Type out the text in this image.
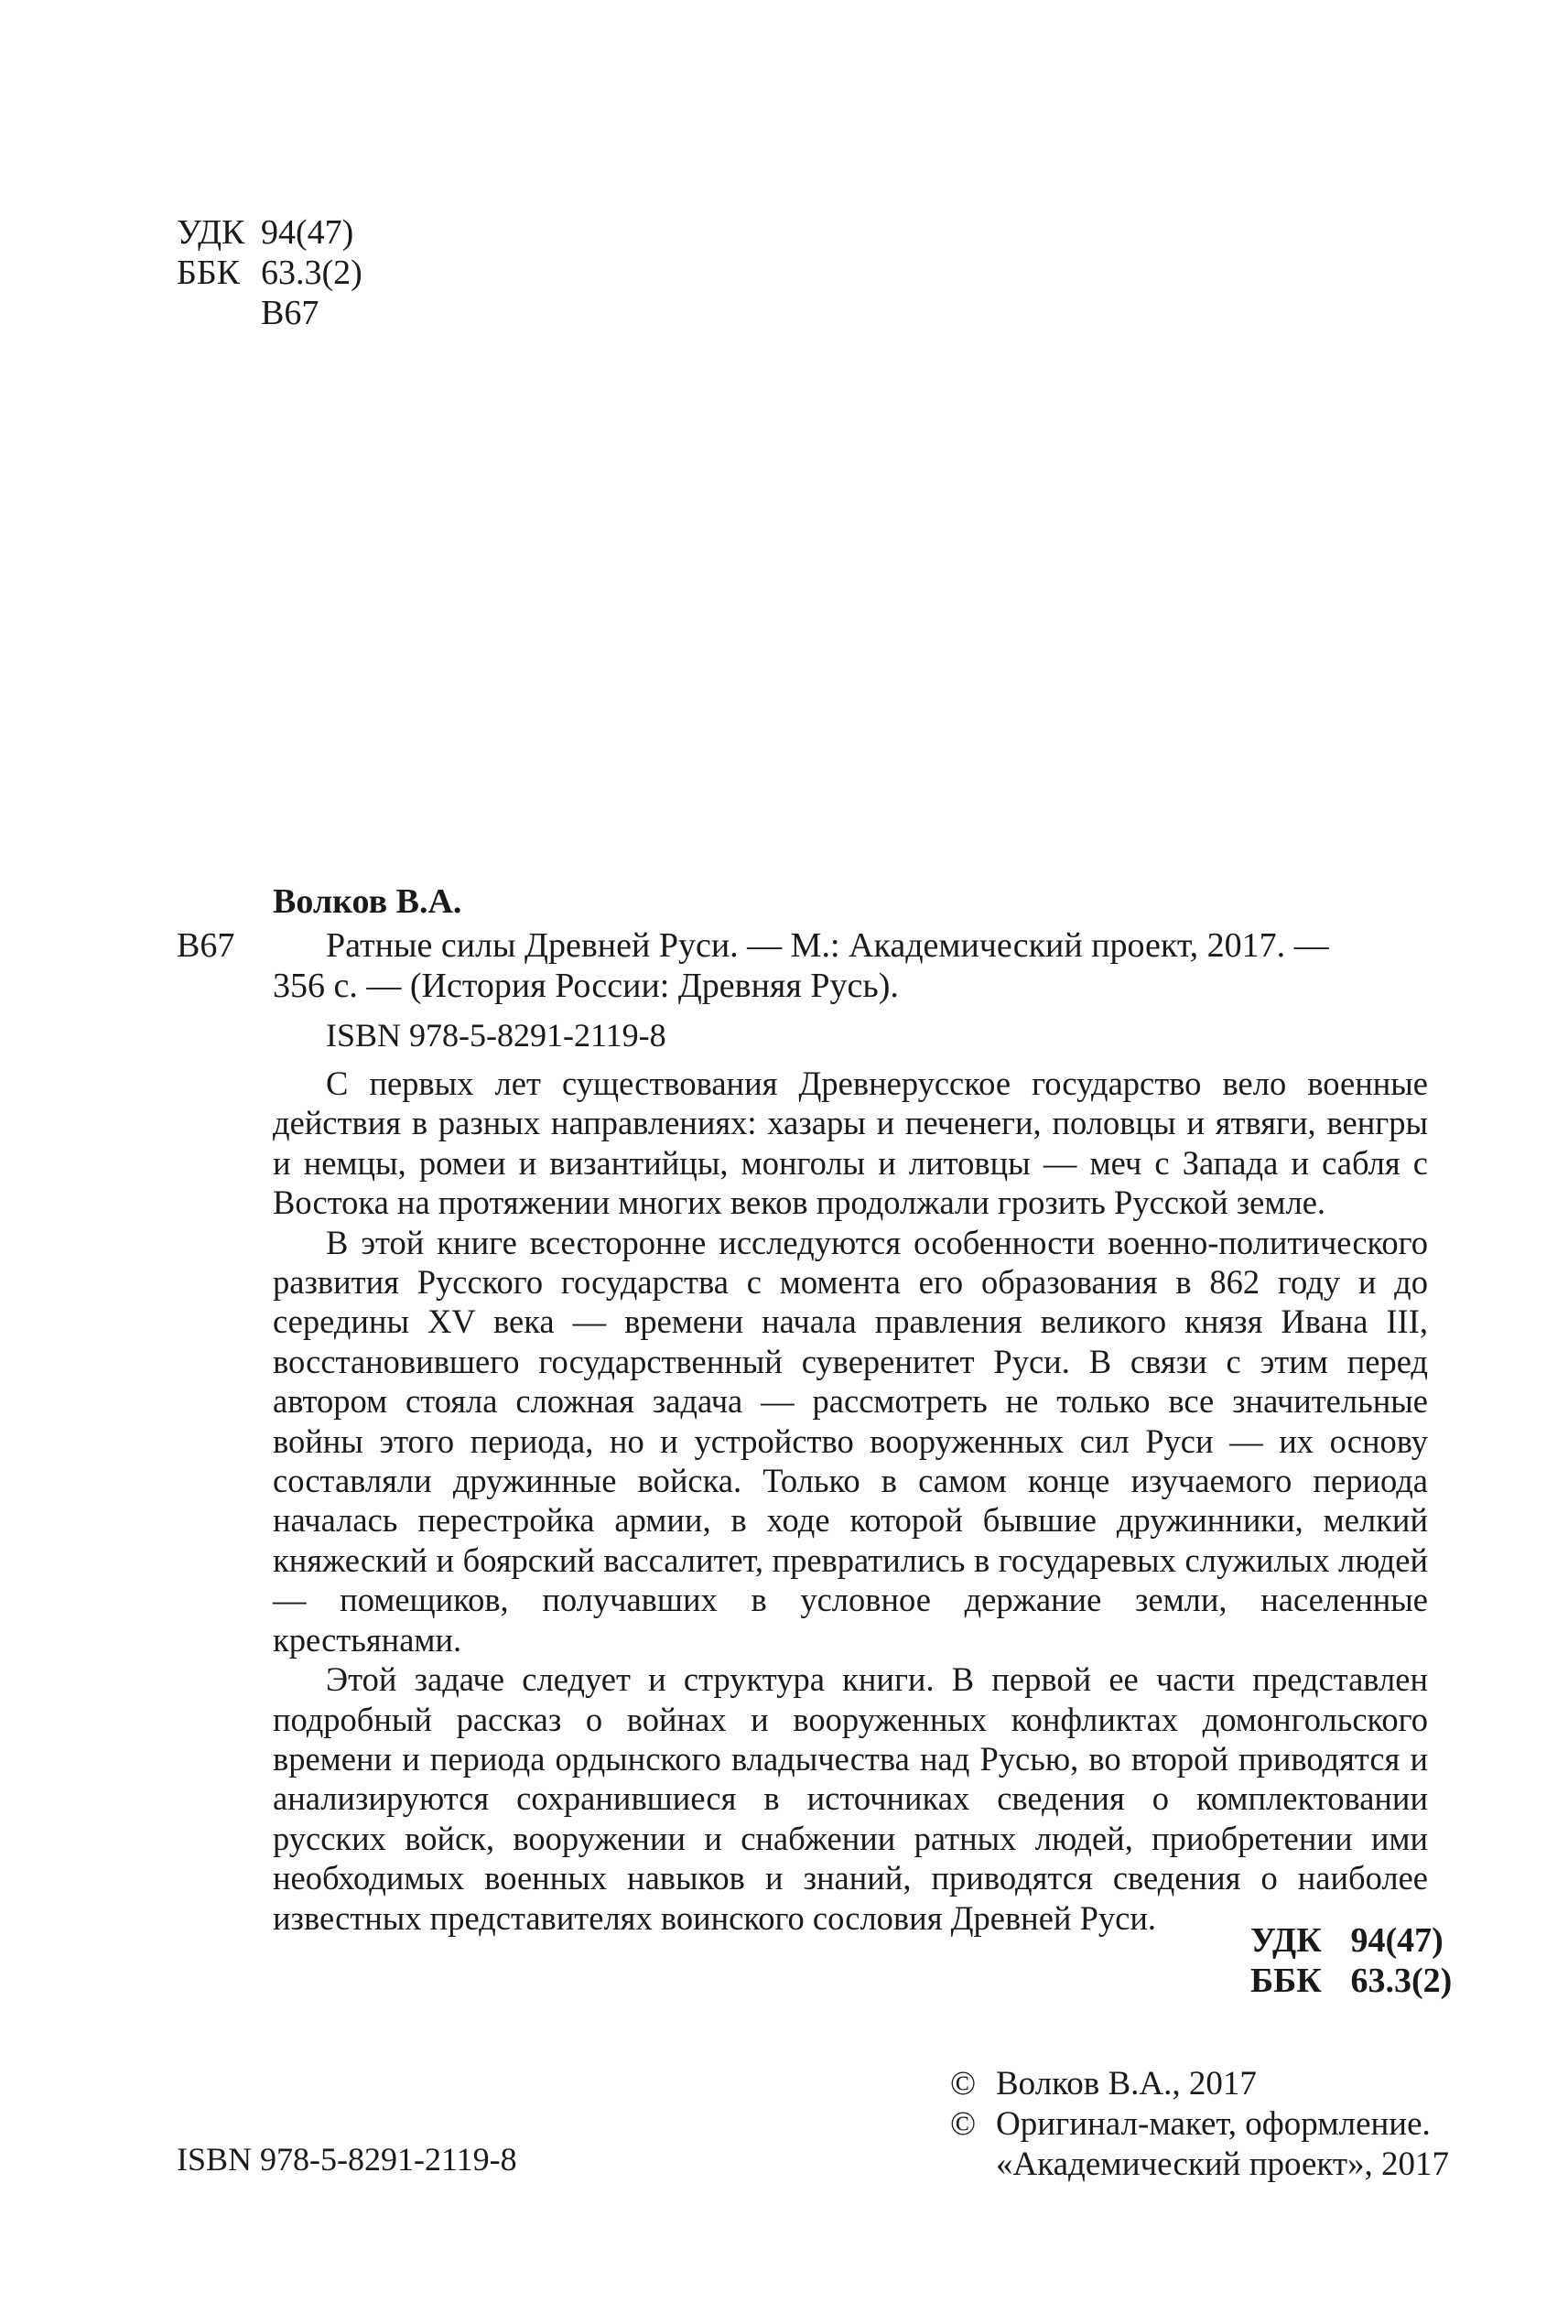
УДК 94(47)
ББК 63.3(2)
В67
Волков В.А.
В67	Ратные силы Древней Руси. — М.: Академический проект, 2017. —
356 с. — (История России: Древняя Русь).
ISBN 978-5-8291-2119-8

С первых лет существования Древнерусское государство вело военные действия в разных направлениях: хазары и печенеги, половцы и ятвяги, венгры и немцы, ромеи и византийцы, монголы и литовцы — меч с Запада и сабля с Востока на протяжении многих веков продолжали грозить Русской земле.

В этой книге всесторонне исследуются особенности военно-политического развития Русского государства с момента его образования в 862 году и до середины XV века — времени начала правления великого князя Ивана III, восстановившего государственный суверенитет Руси. В связи с этим перед автором стояла сложная задача — рассмотреть не только все значительные войны этого периода, но и устройство вооруженных сил Руси — их основу составляли дружинные войска. Только в самом конце изучаемого периода началась перестройка армии, в ходе которой бывшие дружинники, мелкий княжеский и боярский вассалитет, превратились в государевых служилых людей — помещиков, получавших в условное держание земли, населенные крестьянами.

Этой задаче следует и структура книги. В первой ее части представлен подробный рассказ о войнах и вооруженных конфликтах домонгольского времени и периода ордынского владычества над Русью, во второй приводятся и анализируются сохранившиеся в источниках сведения о комплектовании русских войск, вооружении и снабжении ратных людей, приобретении ими необходимых военных навыков и знаний, приводятся сведения о наиболее известных представителях воинского сословия Древней Руси.

УДК 94(47)
ББК 63.3(2)
© Волков В.А., 2017
© Оригинал-макет, оформление.
«Академический проект», 2017
ISBN 978-5-8291-2119-8
